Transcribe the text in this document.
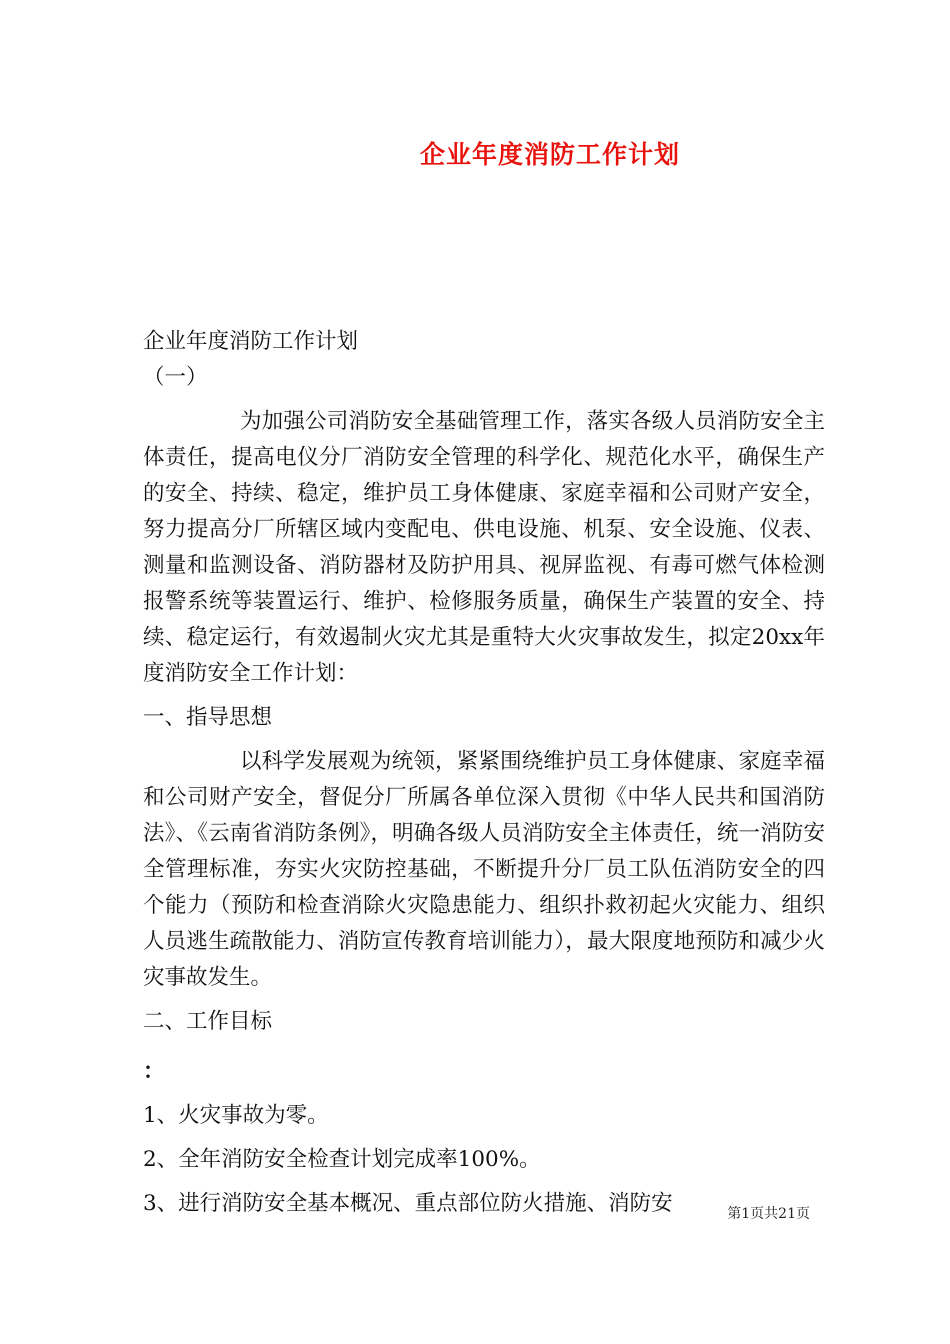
企业年度消防工作计划

企业年度消防工作计划

（一）

为加强公司消防安全基础管理工作，落实各级人员消防安全主体责任，提高电仪分厂消防安全管理的科学化、规范化水平，确保生产的安全、持续、稳定，维护员工身体健康、家庭幸福和公司财产安全，努力提高分厂所辖区域内变配电、供电设施、机泵、安全设施、仪表、测量和监测设备、消防器材及防护用具、视屏监视、有毒可燃气体检测报警系统等装置运行、维护、检修服务质量，确保生产装置的安全、持续、稳定运行，有效遏制火灾尤其是重特大火灾事故发生，拟定20xx年度消防安全工作计划：

一、指导思想

以科学发展观为统领，紧紧围绕维护员工身体健康、家庭幸福和公司财产安全，督促分厂所属各单位深入贯彻《中华人民共和国消防法》、《云南省消防条例》，明确各级人员消防安全主体责任，统一消防安全管理标准，夯实火灾防控基础，不断提升分厂员工队伍消防安全的四个能力（预防和检查消除火灾隐患能力、组织扑救初起火灾能力、组织人员逃生疏散能力、消防宣传教育培训能力），最大限度地预防和减少火灾事故发生。

二、工作目标

：

1、火灾事故为零。

2、全年消防安全检查计划完成率100%。

3、进行消防安全基本概况、重点部位防火措施、消防安	第1页共21页
